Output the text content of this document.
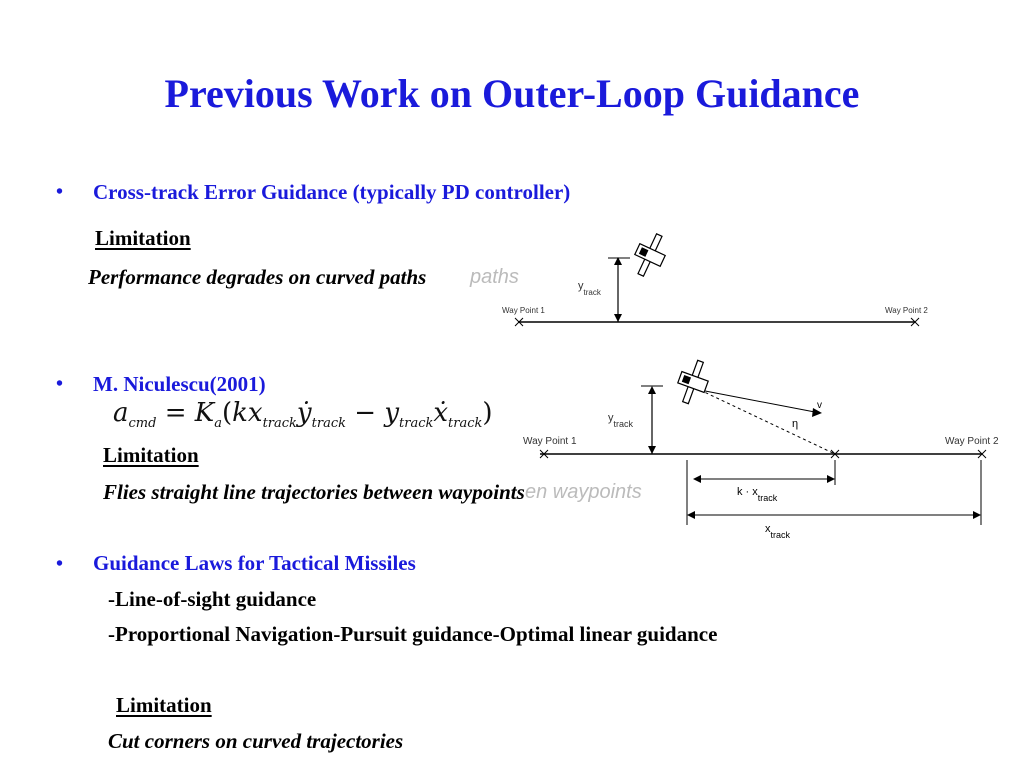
Previous Work on Outer-Loop Guidance
• Cross-track Error Guidance (typically PD controller)
Limitation
Performance degrades on curved paths
Way Point 1	Way Point 2
$y_{track}$
paths
• M. Niculescu(2001)
$a_{cmd}$ = $K_a(kx_{track}ẏ_{track}$ − $y_{track}ẋ_{track}$)
Limitation
Flies straight line trajectories between waypoints
Way Point 1	Way Point 2
$y_{track}$	η
v
$k \cdot x_{track}$
$x_{track}$
en waypoints
• Guidance Laws for Tactical Missiles
-Line-of-sight guidance
-Proportional Navigation-Pursuit guidance-Optimal linear guidance
Limitation
Cut corners on curved trajectories
